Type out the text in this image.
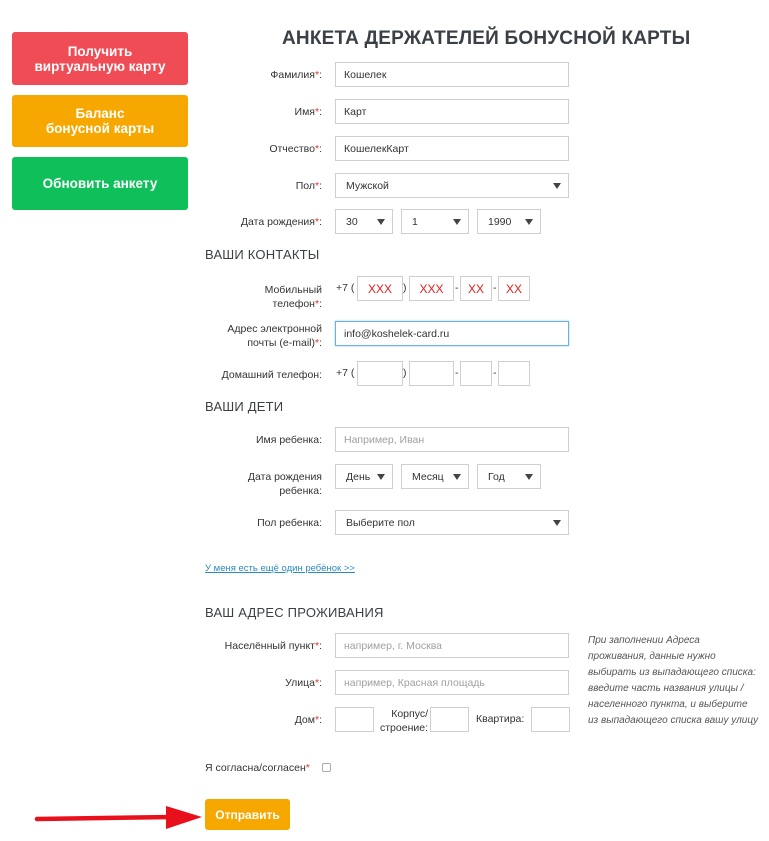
Получить
виртуальную карту
Баланс
бонусной карты
Обновить анкету
АНКЕТА ДЕРЖАТЕЛЕЙ БОНУСНОЙ КАРТЫ
Фамилия*:	Кошелек
Имя*:	Карт
Отчество*:	КошелекКарт
Пол*: Мужской
Дата рождения*: 30	1	1990
ВАШИ КОНТАКТЫ
Мобильный
телефон*:
+7 (	XXX	)	XXX	- XX - XX
Адрес электронной
почты (e-mail)*:
info@koshelek-card.ru
Домашний телефон: +7 (	)	-	-
ВАШИ ДЕТИ
Имя ребенка:	Например, Иван
Дата рождения
ребенка:
День	Месяц	Год
Пол ребенка: Выберите пол
У меня есть ещё один ребёнок >>
ВАШ АДРЕС ПРОЖИВАНИЯ
Населённый пункт*:	например, г. Москва
Улица*:	например, Красная площадь
Дом*:	Корпус/
строение:
Квартира:
При заполнении Адреса проживания, данные нужно выбирать из выпадающего списка: введите часть названия улицы / населенного пункта, и выберите из выпадающего списка вашу улицу
Я согласна/согласен*
Отправить
